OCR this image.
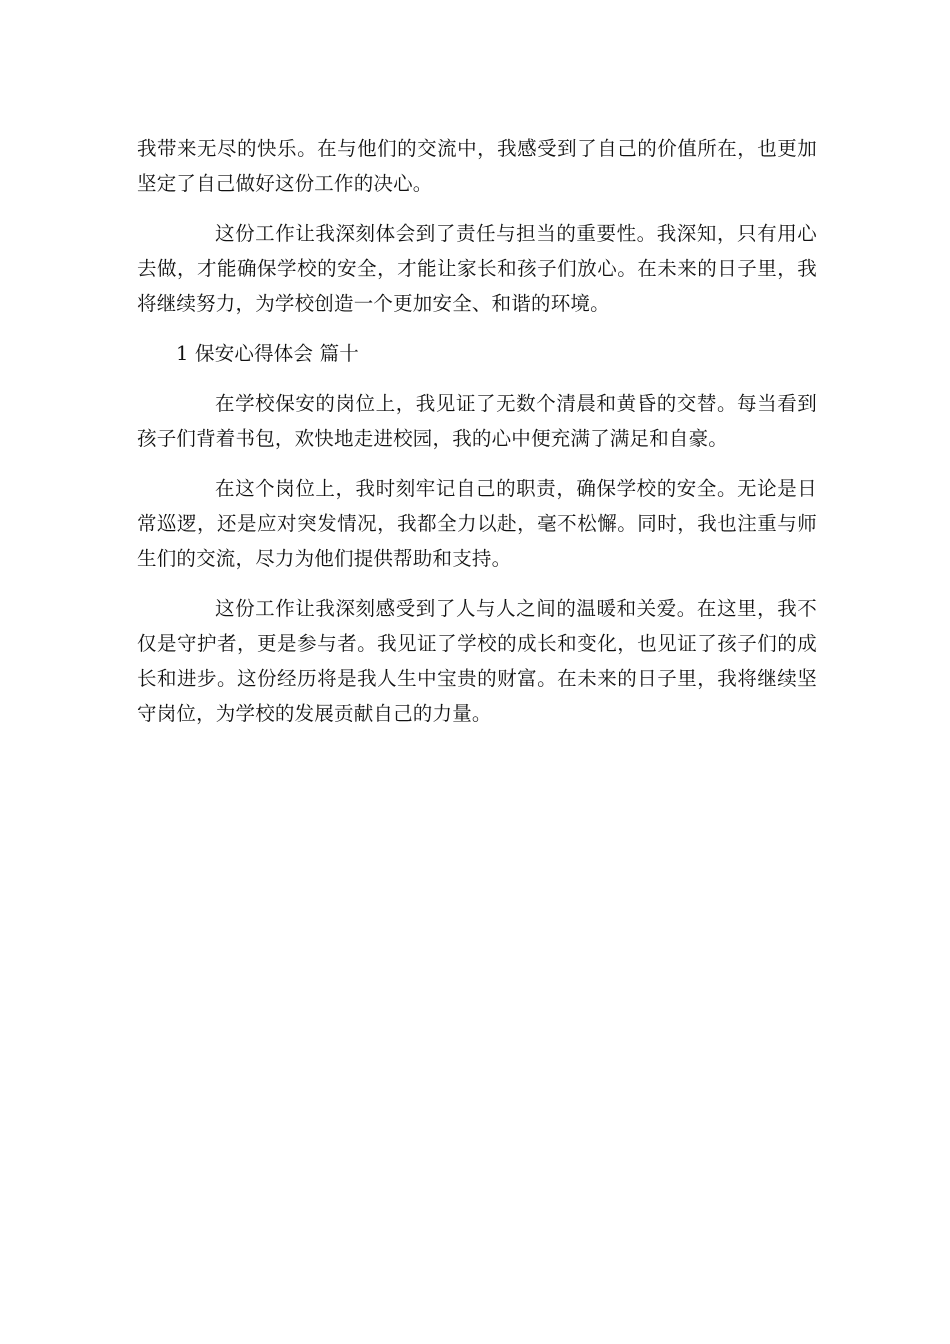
我带来无尽的快乐。在与他们的交流中，我感受到了自己的价值所在，也更加坚定了自己做好这份工作的决心。

这份工作让我深刻体会到了责任与担当的重要性。我深知，只有用心去做，才能确保学校的安全，才能让家长和孩子们放心。在未来的日子里，我将继续努力，为学校创造一个更加安全、和谐的环境。

1 保安心得体会 篇十

在学校保安的岗位上，我见证了无数个清晨和黄昏的交替。每当看到孩子们背着书包，欢快地走进校园，我的心中便充满了满足和自豪。

在这个岗位上，我时刻牢记自己的职责，确保学校的安全。无论是日常巡逻，还是应对突发情况，我都全力以赴，毫不松懈。同时，我也注重与师生们的交流，尽力为他们提供帮助和支持。

这份工作让我深刻感受到了人与人之间的温暖和关爱。在这里，我不仅是守护者，更是参与者。我见证了学校的成长和变化，也见证了孩子们的成长和进步。这份经历将是我人生中宝贵的财富。在未来的日子里，我将继续坚守岗位，为学校的发展贡献自己的力量。
